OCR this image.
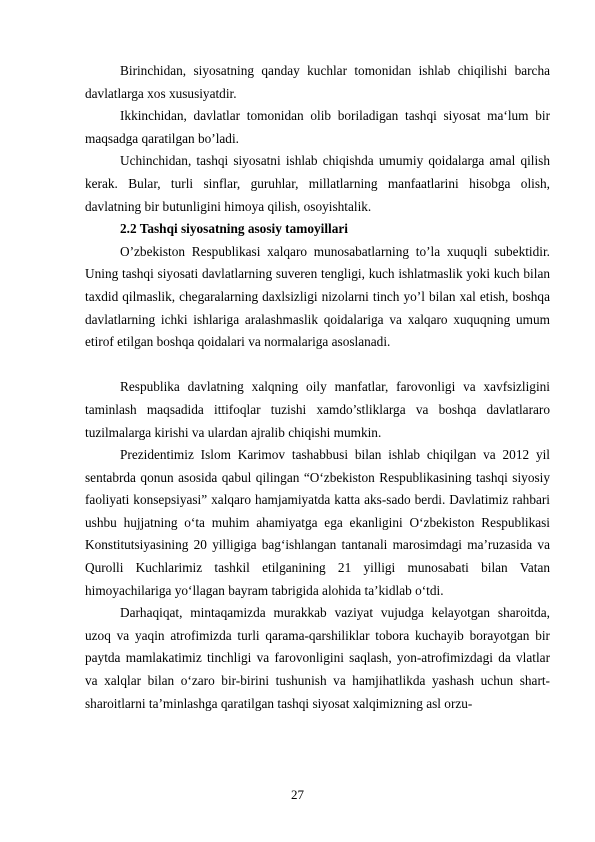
Birinchidan, siyosatning qanday kuchlar tomonidan ishlab chiqilishi barcha davlatlarga xos xususiyatdir.

Ikkinchidan, davlatlar tomonidan olib boriladigan tashqi siyosat ma‘lum bir maqsadga qaratilgan bo’ladi.

Uchinchidan, tashqi siyosatni ishlab chiqishda umumiy qoidalarga amal qilish kerak. Bular, turli sinflar, guruhlar, millatlarning manfaatlarini hisobga olish, davlatning bir butunligini himoya qilish, osoyishtalik.

2.2 Tashqi siyosatning asosiy tamoyillari

O’zbekiston Respublikasi xalqaro munosabatlarning to’la xuquqli subektidir. Uning tashqi siyosati davlatlarning suveren tengligi, kuch ishlatmaslik yoki kuch bilan taxdid qilmaslik, chegaralarning daxlsizligi nizolarni tinch yo’l bilan xal etish, boshqa davlatlarning ichki ishlariga aralashmaslik qoidalariga va xalqaro xuquqning umum etirof etilgan boshqa qoidalari va normalariga asoslanadi.

Respublika davlatning xalqning oily manfatlar, farovonligi va xavfsizligini taminlash maqsadida ittifoqlar tuzishi xamdo’stliklarga va boshqa davlatlararo tuzilmalarga kirishi va ulardan ajralib chiqishi mumkin.

Prezidentimiz Islom Karimov tashabbusi bilan ishlab chiqilgan va 2012 yil sentabrda qonun asosida qabul qilingan “O‘zbekiston Respublikasining tashqi siyosiy faoliyati konsepsiyasi” xalqaro hamjamiyatda katta aks-sado berdi. Davlatimiz rahbari ushbu hujjatning o‘ta muhim ahamiyatga ega ekanligini O‘zbekiston Respublikasi Konstitutsiyasining 20 yilligiga bag‘ishlangan tantanali marosimdagi ma’ruzasida va Qurolli Kuchlarimiz tashkil etilganining 21 yilligi munosabati bilan Vatan himoyachilariga yo‘llagan bayram tabrigida alohida ta’kidlab o‘tdi.

Darhaqiqat, mintaqamizda murakkab vaziyat vujudga kelayotgan sharoitda, uzoq va yaqin atrofimizda turli qarama-qarshiliklar tobora kuchayib borayotgan bir paytda mamlakatimiz tinchligi va farovonligini saqlash, yon-atrofimizdagi da vlatlar va xalqlar bilan o‘zaro bir-birini tushunish va hamjihatlikda yashash uchun shart-sharoitlarni ta’minlashga qaratilgan tashqi siyosat xalqimizning asl orzu-

27
